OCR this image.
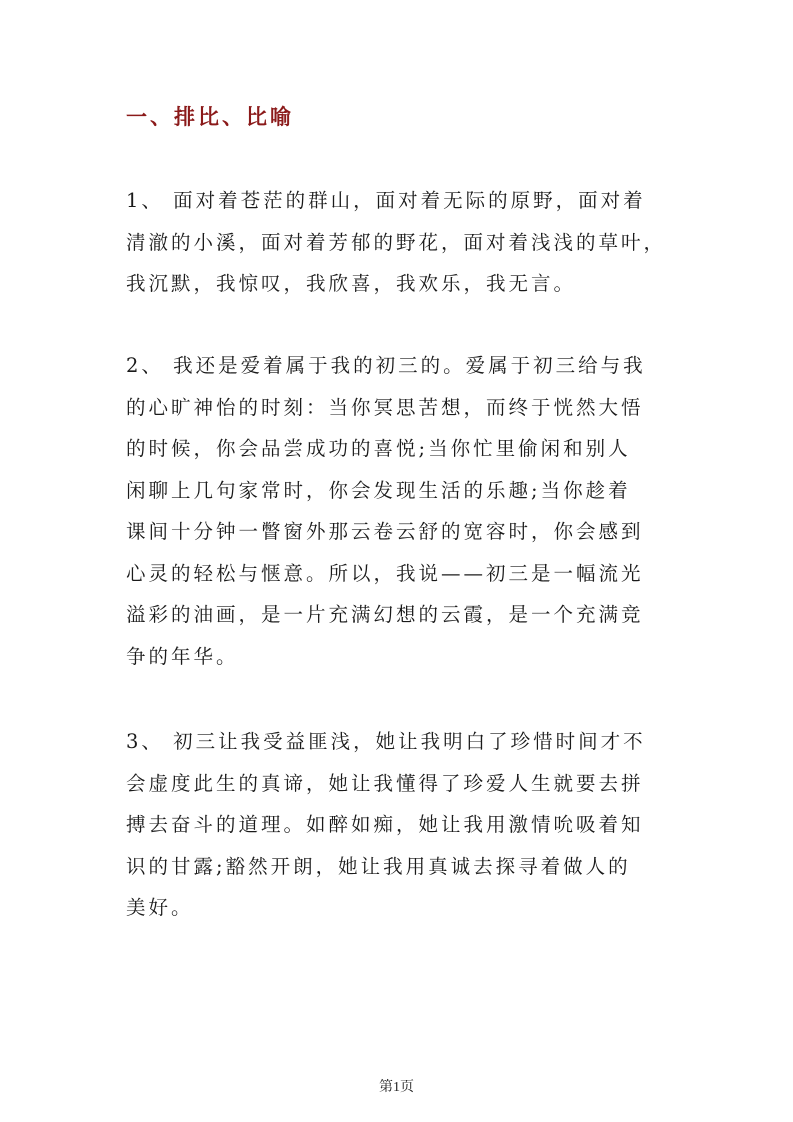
一、排比、比喻
1、 面对着苍茫的群山，面对着无际的原野，面对着
清澈的小溪，面对着芳郁的野花，面对着浅浅的草叶，
我沉默，我惊叹，我欣喜，我欢乐，我无言。
2、 我还是爱着属于我的初三的。爱属于初三给与我
的心旷神怡的时刻：当你冥思苦想，而终于恍然大悟
的时候，你会品尝成功的喜悦;当你忙里偷闲和别人
闲聊上几句家常时，你会发现生活的乐趣;当你趁着
课间十分钟一瞥窗外那云卷云舒的宽容时，你会感到
心灵的轻松与惬意。所以，我说——初三是一幅流光
溢彩的油画，是一片充满幻想的云霞，是一个充满竞
争的年华。
3、 初三让我受益匪浅，她让我明白了珍惜时间才不
会虚度此生的真谛，她让我懂得了珍爱人生就要去拼
搏去奋斗的道理。如醉如痴，她让我用激情吮吸着知
识的甘露;豁然开朗，她让我用真诚去探寻着做人的
美好。
第1页
